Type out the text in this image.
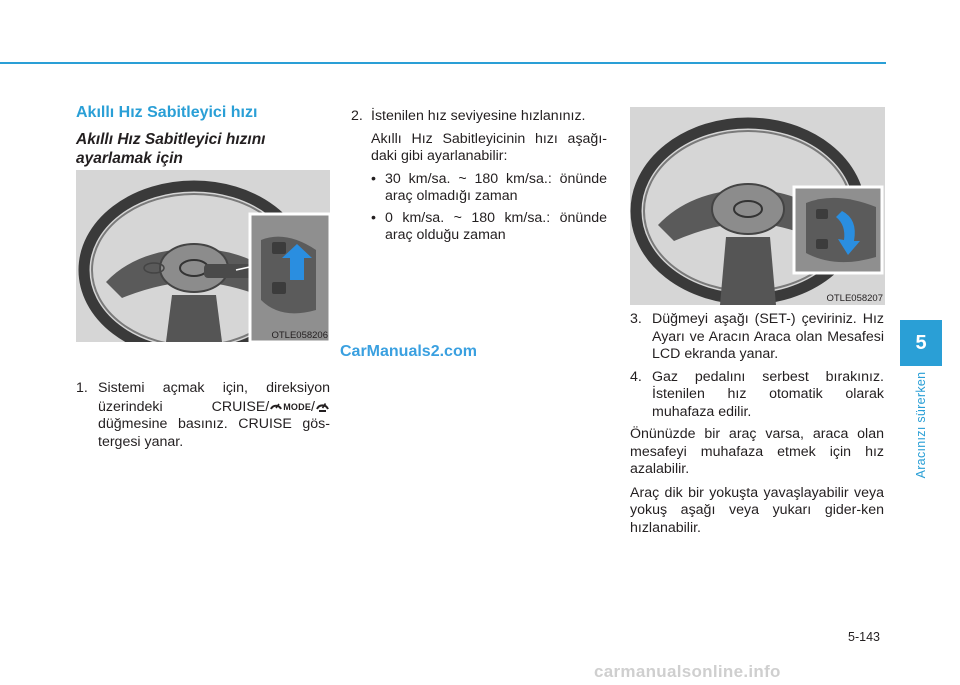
Akıllı Hız Sabitleyici hızı
Akıllı Hız Sabitleyici hızını ayarlamak için
OTLE058206
OTLE058207
1. Sistemi açmak için, direksiyon üzerindeki CRUISE/ MODE/ düğmesine basınız. CRUISE gös-tergesi yanar.
2. İstenilen hız seviyesine hızlanınız.
Akıllı Hız Sabitleyicinin hızı aşağı-daki gibi ayarlanabilir:
• 30 km/sa. ~ 180 km/sa.: önünde araç olmadığı zaman
• 0 km/sa. ~ 180 km/sa.: önünde araç olduğu zaman
3. Düğmeyi aşağı (SET-) çeviriniz. Hız Ayarı ve Aracın Araca olan Mesafesi LCD ekranda yanar.
4. Gaz pedalını serbest bırakınız. İstenilen hız otomatik olarak muhafaza edilir.
Önünüzde bir araç varsa, araca olan mesafeyi muhafaza etmek için hız azalabilir.
Araç dik bir yokuşta yavaşlayabilir veya yokuş aşağı veya yukarı gider-ken hızlanabilir.
CarManuals2.com	5
Aracınızı sürerken
5-143
carmanualsonline.info
